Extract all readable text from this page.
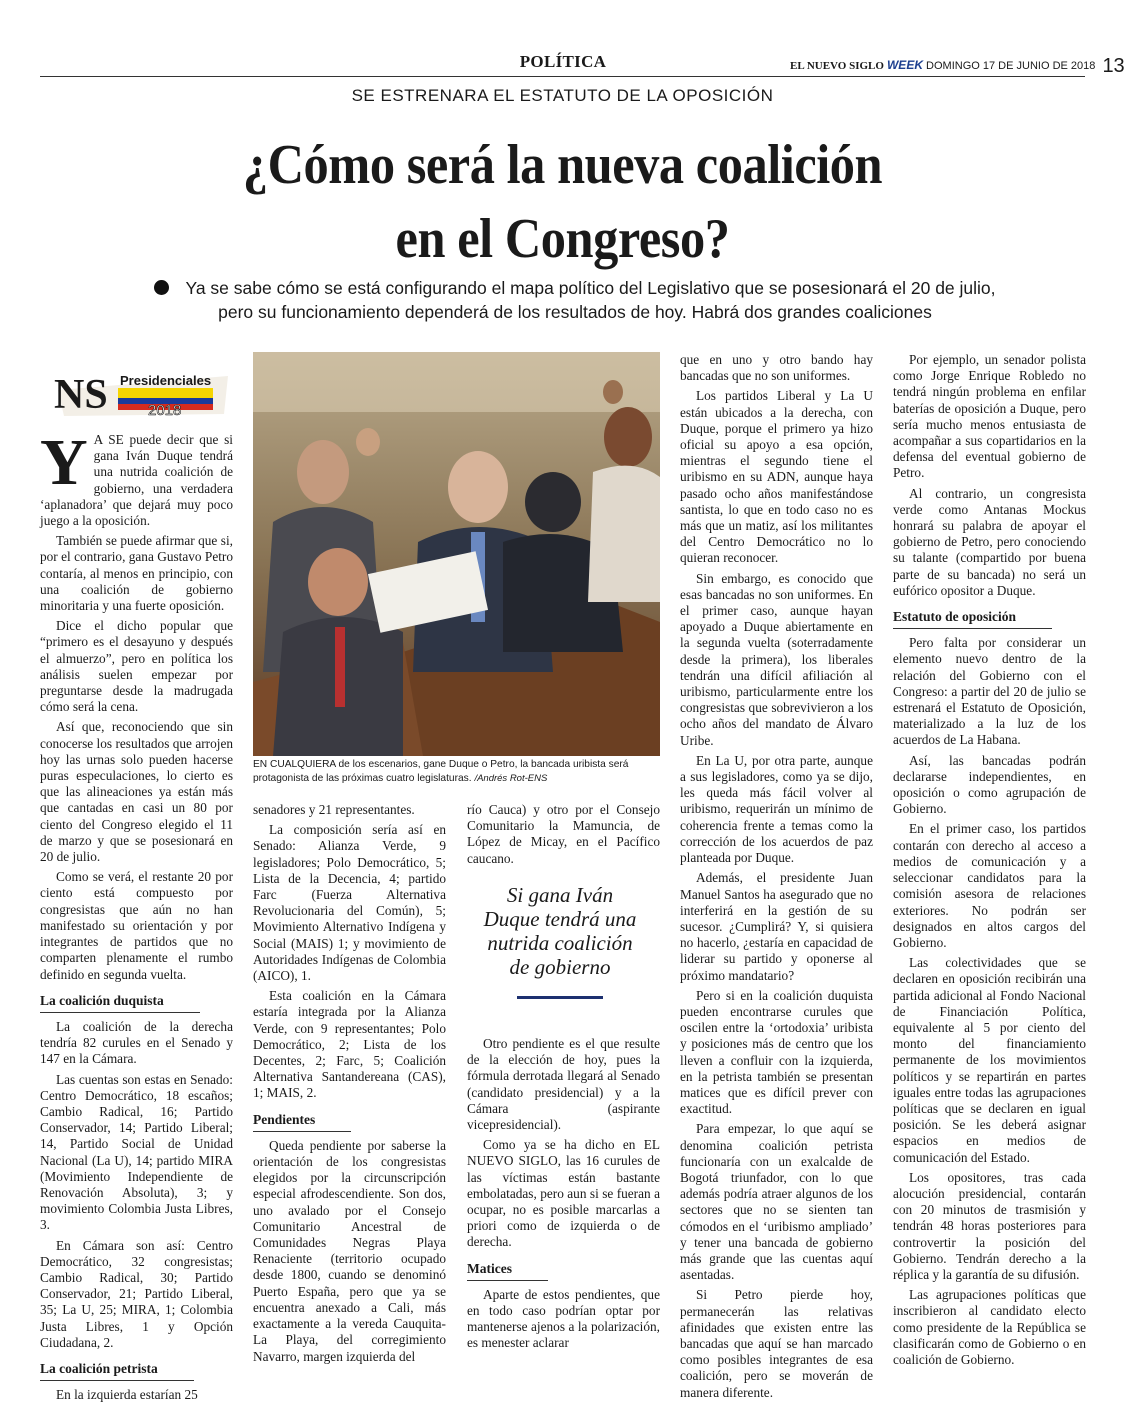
POLÍTICA	EL NUEVO SIGLO WEEK DOMINGO 17 DE JUNIO DE 2018 13
SE ESTRENARA EL ESTATUTO DE LA OPOSICIÓN
¿Cómo será la nueva coalición
en el Congreso?
Ya se sabe cómo se está configurando el mapa político del Legislativo que se posesionará el 20 de julio,
pero su funcionamiento dependerá de los resultados de hoy. Habrá dos grandes coaliciones
NS Presidenciales
2018
EN CUALQUIERA de los escenarios, gane Duque o Petro, la bancada uribista será protagonista de las próximas cuatro legislaturas. /Andrés Rot-ENS

Y A SE puede decir que si gana Iván Duque tendrá una nutrida coalición de gobierno, una verdadera ‘aplanadora’ que dejará muy poco juego a la oposición.

También se puede afirmar que si, por el contrario, gana Gustavo Petro contaría, al menos en principio, con una coalición de gobierno minoritaria y una fuerte oposición.

Dice el dicho popular que “primero es el desayuno y después el almuerzo”, pero en política los análisis suelen empezar por preguntarse desde la madrugada cómo será la cena.

Así que, reconociendo que sin conocerse los resultados que arrojen hoy las urnas solo pueden hacerse puras especulaciones, lo cierto es que las alineaciones ya están más que cantadas en casi un 80 por ciento del Congreso elegido el 11 de marzo y que se posesionará en 20 de julio.

Como se verá, el restante 20 por ciento está compuesto por congresistas que aún no han manifestado su orientación y por integrantes de partidos que no comparten plenamente el rumbo definido en segunda vuelta.

La coalición duquista

La coalición de la derecha tendría 82 curules en el Senado y 147 en la Cámara.

Las cuentas son estas en Senado: Centro Democrático, 18 escaños; Cambio Radical, 16; Partido Conservador, 14; Partido Liberal; 14, Partido Social de Unidad Nacional (La U), 14; partido MIRA (Movimiento Independiente de Renovación Absoluta), 3; y movimiento Colombia Justa Libres, 3.

En Cámara son así: Centro Democrático, 32 congresistas; Cambio Radical, 30; Partido Conservador, 21; Partido Liberal, 35; La U, 25; MIRA, 1; Colombia Justa Libres, 1 y Opción Ciudadana, 2.

La coalición petrista

En la izquierda estarían 25

senadores y 21 representantes.

La composición sería así en Senado: Alianza Verde, 9 legisladores; Polo Democrático, 5; Lista de la Decencia, 4; partido Farc (Fuerza Alternativa Revolucionaria del Común), 5; Movimiento Alternativo Indígena y Social (MAIS) 1; y movimiento de Autoridades Indígenas de Colombia (AICO), 1.

Esta coalición en la Cámara estaría integrada por la Alianza Verde, con 9 representantes; Polo Democrático, 2; Lista de los Decentes, 2; Farc, 5; Coalición Alternativa Santandereana (CAS), 1; MAIS, 2.

Pendientes

Queda pendiente por saberse la orientación de los congresistas elegidos por la circunscripción especial afrodescendiente. Son dos, uno avalado por el Consejo Comunitario Ancestral de Comunidades Negras Playa Renaciente (territorio ocupado desde 1800, cuando se denominó Puerto España, pero que ya se encuentra anexado a Cali, más exactamente a la vereda Cauquita-La Playa, del corregimiento Navarro, margen izquierda del

río Cauca) y otro por el Consejo Comunitario la Mamuncia, de López de Micay, en el Pacífico caucano.

Si gana Iván Duque tendrá una nutrida coalición de gobierno

Otro pendiente es el que resulte de la elección de hoy, pues la fórmula derrotada llegará al Senado (candidato presidencial) y a la Cámara (aspirante vicepresidencial).

Como ya se ha dicho en EL NUEVO SIGLO, las 16 curules de las víctimas están bastante embolatadas, pero aun si se fueran a ocupar, no es posible marcarlas a priori como de izquierda o de derecha.

Matices

Aparte de estos pendientes, que en todo caso podrían optar por mantenerse ajenos a la polarización, es menester aclarar

que en uno y otro bando hay bancadas que no son uniformes.

Los partidos Liberal y La U están ubicados a la derecha, con Duque, porque el primero ya hizo oficial su apoyo a esa opción, mientras el segundo tiene el uribismo en su ADN, aunque haya pasado ocho años manifestándose santista, lo que en todo caso no es más que un matiz, así los militantes del Centro Democrático no lo quieran reconocer.

Sin embargo, es conocido que esas bancadas no son uniformes. En el primer caso, aunque hayan apoyado a Duque abiertamente en la segunda vuelta (soterradamente desde la primera), los liberales tendrán una difícil afiliación al uribismo, particularmente entre los congresistas que sobrevivieron a los ocho años del mandato de Álvaro Uribe.

En La U, por otra parte, aunque a sus legisladores, como ya se dijo, les queda más fácil volver al uribismo, requerirán un mínimo de coherencia frente a temas como la corrección de los acuerdos de paz planteada por Duque.

Además, el presidente Juan Manuel Santos ha asegurado que no interferirá en la gestión de su sucesor. ¿Cumplirá? Y, si quisiera no hacerlo, ¿estaría en capacidad de liderar su partido y oponerse al próximo mandatario?

Pero si en la coalición duquista pueden encontrarse curules que oscilen entre la ‘ortodoxia’ uribista y posiciones más de centro que los lleven a confluir con la izquierda, en la petrista también se presentan matices que es difícil prever con exactitud.

Para empezar, lo que aquí se denomina coalición petrista funcionaría con un exalcalde de Bogotá triunfador, con lo que además podría atraer algunos de los sectores que no se sienten tan cómodos en el ‘uribismo ampliado’ y tener una bancada de gobierno más grande que las cuentas aquí asentadas.

Si Petro pierde hoy, permanecerán las relativas afinidades que existen entre las bancadas que aquí se han marcado como posibles integrantes de esa coalición, pero se moverán de manera diferente.

Por ejemplo, un senador polista como Jorge Enrique Robledo no tendrá ningún problema en enfilar baterías de oposición a Duque, pero sería mucho menos entusiasta de acompañar a sus copartidarios en la defensa del eventual gobierno de Petro.

Al contrario, un congresista verde como Antanas Mockus honrará su palabra de apoyar el gobierno de Petro, pero conociendo su talante (compartido por buena parte de su bancada) no será un eufórico opositor a Duque.

Estatuto de oposición

Pero falta por considerar un elemento nuevo dentro de la relación del Gobierno con el Congreso: a partir del 20 de julio se estrenará el Estatuto de Oposición, materializado a la luz de los acuerdos de La Habana.

Así, las bancadas podrán declararse independientes, en oposición o como agrupación de Gobierno.

En el primer caso, los partidos contarán con derecho al acceso a medios de comunicación y a seleccionar candidatos para la comisión asesora de relaciones exteriores. No podrán ser designados en altos cargos del Gobierno.

Las colectividades que se declaren en oposición recibirán una partida adicional al Fondo Nacional de Financiación Política, equivalente al 5 por ciento del monto del financiamiento permanente de los movimientos políticos y se repartirán en partes iguales entre todas las agrupaciones políticas que se declaren en igual posición. Se les deberá asignar espacios en medios de comunicación del Estado.

Los opositores, tras cada alocución presidencial, contarán con 20 minutos de trasmisión y tendrán 48 horas posteriores para controvertir la posición del Gobierno. Tendrán derecho a la réplica y la garantía de su difusión.

Las agrupaciones políticas que inscribieron al candidato electo como presidente de la República se clasificarán como de Gobierno o en coalición de Gobierno.
